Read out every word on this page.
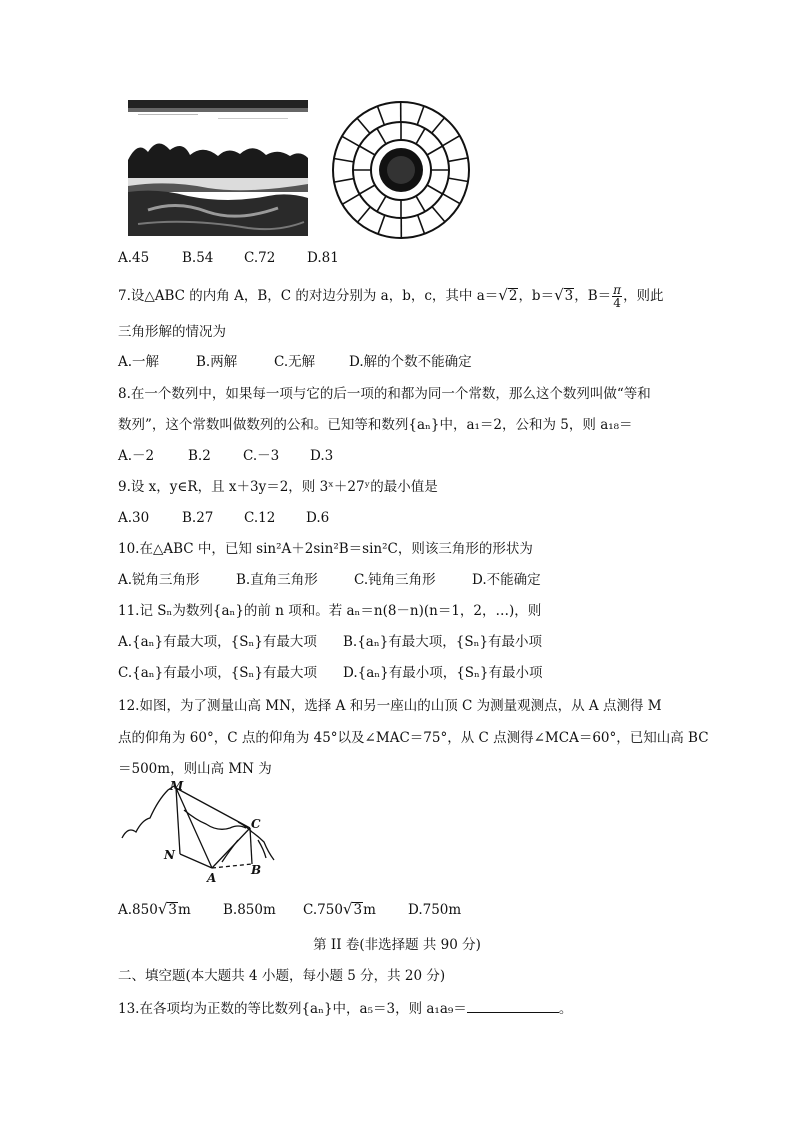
A.45 B.54 C.72 D.81
7.设△ABC 的内角 A，B，C 的对边分别为 a，b，c，其中 a＝√2，b＝√3，$B= \frac{\pi}{4}$ ，则此
三角形解的情况为
A.一解	B.两解	C.无解	D.解的个数不能确定
8.在一个数列中，如果每一项与它的后一项的和都为同一个常数，那么这个数列叫做“等和
数列”，这个常数叫做数列的公和。已知等和数列{aₙ}中，a₁＝2，公和为 5，则 a₁₈＝
A.－2	B.2 C.－3 D.3
9.设 x，y∈R，且 x＋3y＝2，则 3ˣ＋27ʸ的最小值是
A.30 B.27 C.12 D.6
10.在△ABC 中，已知 sin²A＋2sin²B＝sin²C，则该三角形的形状为
A.锐角三角形	B.直角三角形	C.钝角三角形	D.不能确定
11.记 Sₙ为数列{aₙ}的前 n 项和。若 aₙ＝n(8－n)(n＝1，2，…)，则
A.{aₙ}有最大项，{Sₙ}有最大项 B.{aₙ}有最大项，{Sₙ}有最小项
C.{aₙ}有最小项，{Sₙ}有最大项 D.{aₙ}有最小项，{Sₙ}有最小项
12.如图，为了测量山高 MN，选择 A 和另一座山的山顶 C 为测量观测点，从 A 点测得 M
点的仰角为 60°，C 点的仰角为 45°以及∠MAC＝75°，从 C 点测得∠MCA＝60°，已知山高 BC
＝500m，则山高 MN 为
M
N
A
B
C
A.850√3m B.850m C.750√3m D.750m
第 II 卷(非选择题 共 90 分)
二、填空题(本大题共 4 小题，每小题 5 分，共 20 分)
13.在各项均为正数的等比数列{aₙ}中，a₅＝3，则 a₁a₉＝	。
